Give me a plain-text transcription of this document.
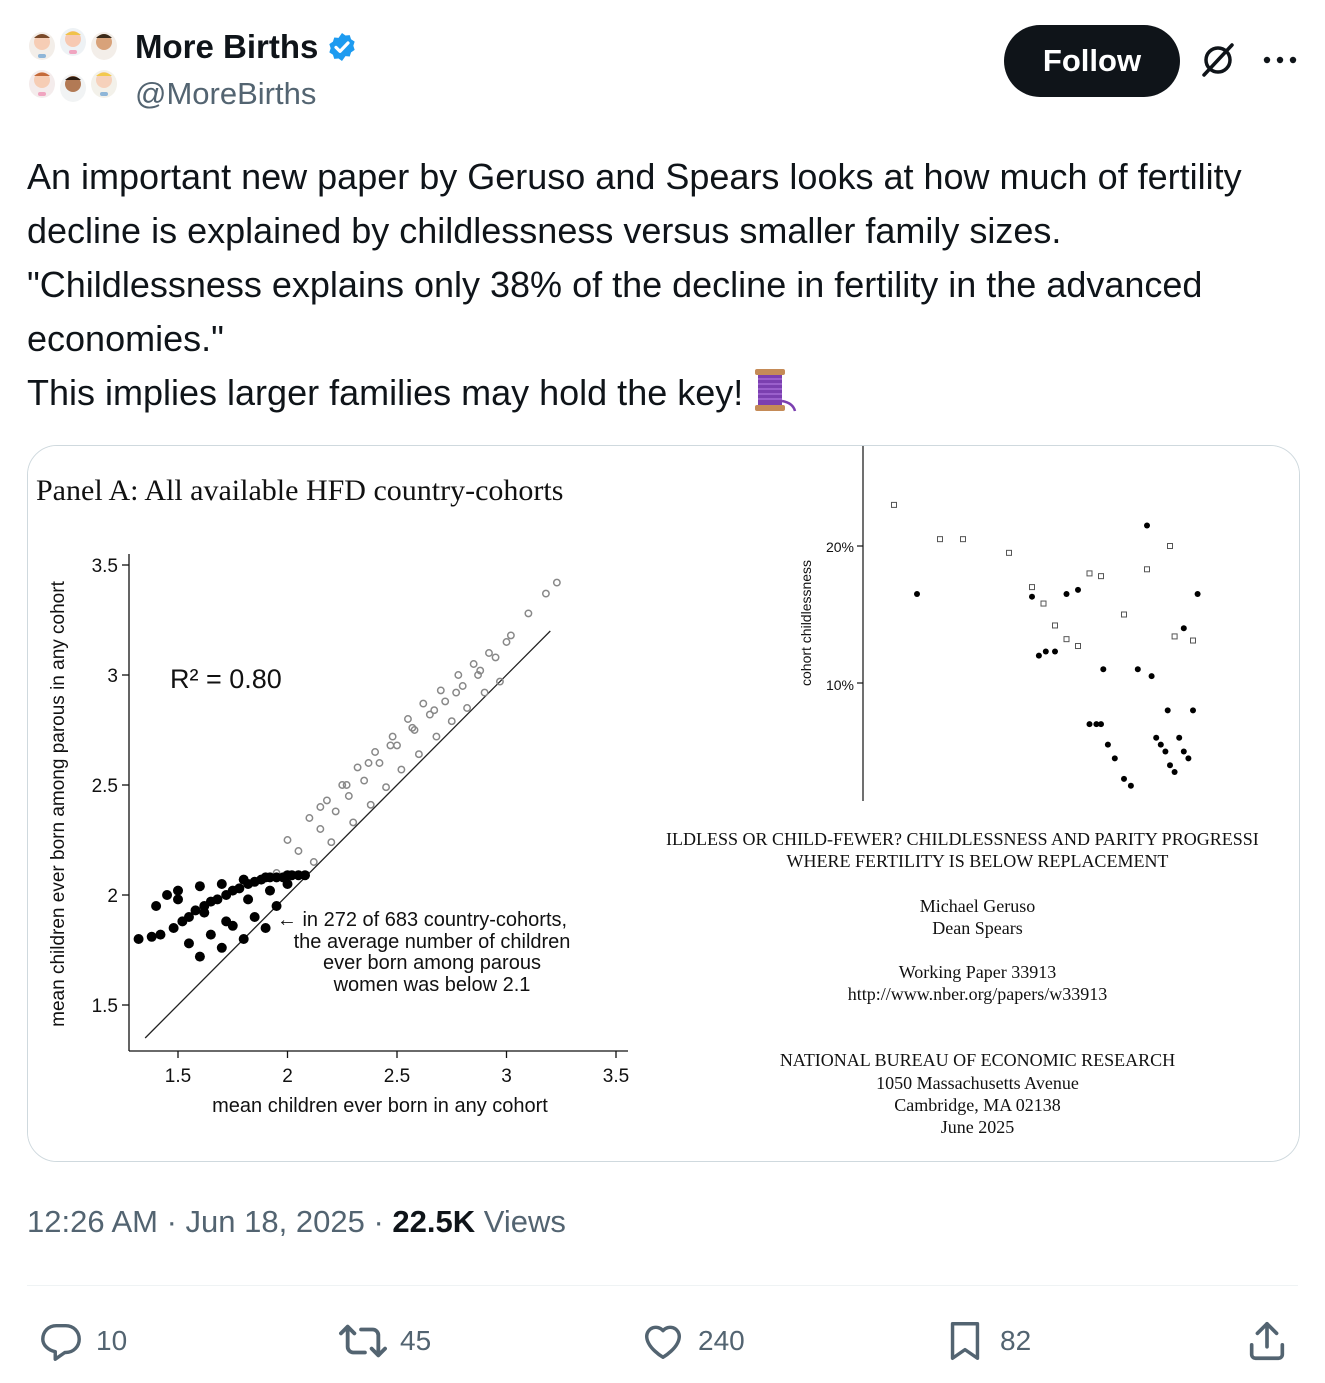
More Births
@MoreBirths
Follow
An important new paper by Geruso and Spears looks at how much of fertility decline is explained by childlessness versus smaller family sizes.
"Childlessness explains only 38% of the decline in fertility in the advanced economies."
This implies larger families may hold the key!
Panel A: All available HFD country-cohorts
1.5
2
2.5
3
3.5
1.5	2	2.5	3	3.5
mean children ever born in any cohort
mean children ever born among parous in any cohort	R² = 0.80
← in 272 of 683 country-cohorts,
the average number of children
ever born among parous
women was below 2.1
cohort childlessness
20%
10%
ILDLESS OR CHILD-FEWER? CHILDLESSNESS AND PARITY PROGRESSI
WHERE FERTILITY IS BELOW REPLACEMENT
Michael Geruso
Dean Spears
Working Paper 33913
http://www.nber.org/papers/w33913
NATIONAL BUREAU OF ECONOMIC RESEARCH
1050 Massachusetts Avenue
Cambridge, MA 02138
June 2025
12:26 AM · Jun 18, 2025 · 22.5K Views
10	45	240	82
